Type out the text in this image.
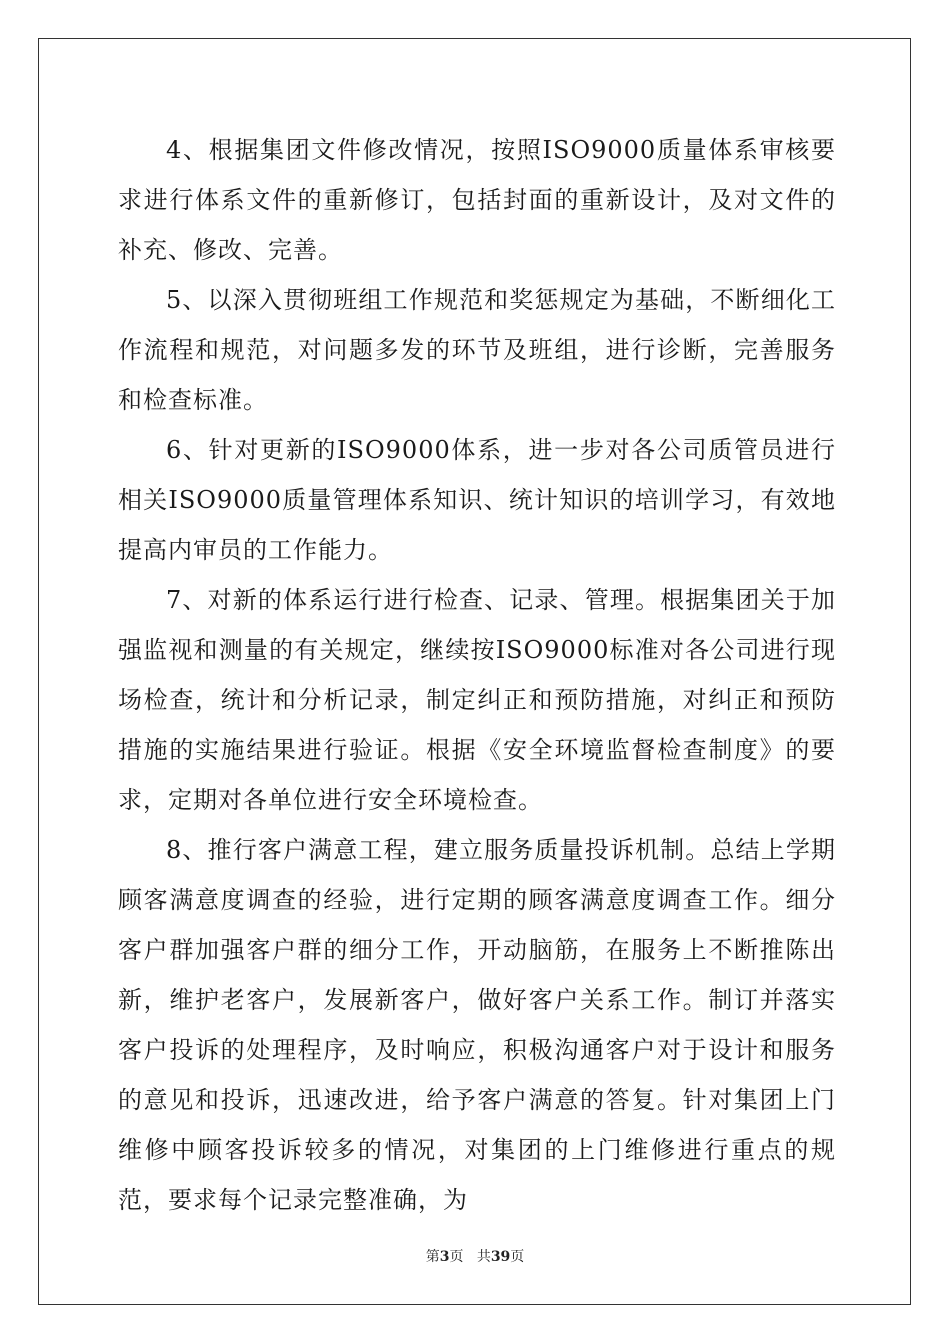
4、根据集团文件修改情况，按照ISO9000质量体系审核要求进行体系文件的重新修订，包括封面的重新设计，及对文件的补充、修改、完善。

5、以深入贯彻班组工作规范和奖惩规定为基础，不断细化工作流程和规范，对问题多发的环节及班组，进行诊断，完善服务和检查标准。

6、针对更新的ISO9000体系，进一步对各公司质管员进行相关ISO9000质量管理体系知识、统计知识的培训学习，有效地提高内审员的工作能力。

7、对新的体系运行进行检查、记录、管理。根据集团关于加强监视和测量的有关规定，继续按ISO9000标准对各公司进行现场检查，统计和分析记录，制定纠正和预防措施，对纠正和预防措施的实施结果进行验证。根据《安全环境监督检查制度》的要求，定期对各单位进行安全环境检查。

8、推行客户满意工程，建立服务质量投诉机制。总结上学期顾客满意度调查的经验，进行定期的顾客满意度调查工作。细分客户群加强客户群的细分工作，开动脑筋，在服务上不断推陈出新，维护老客户，发展新客户，做好客户关系工作。制订并落实客户投诉的处理程序，及时响应，积极沟通客户对于设计和服务的意见和投诉，迅速改进，给予客户满意的答复。针对集团上门维修中顾客投诉较多的情况，对集团的上门维修进行重点的规范，要求每个记录完整准确，为

第3页 共39页
